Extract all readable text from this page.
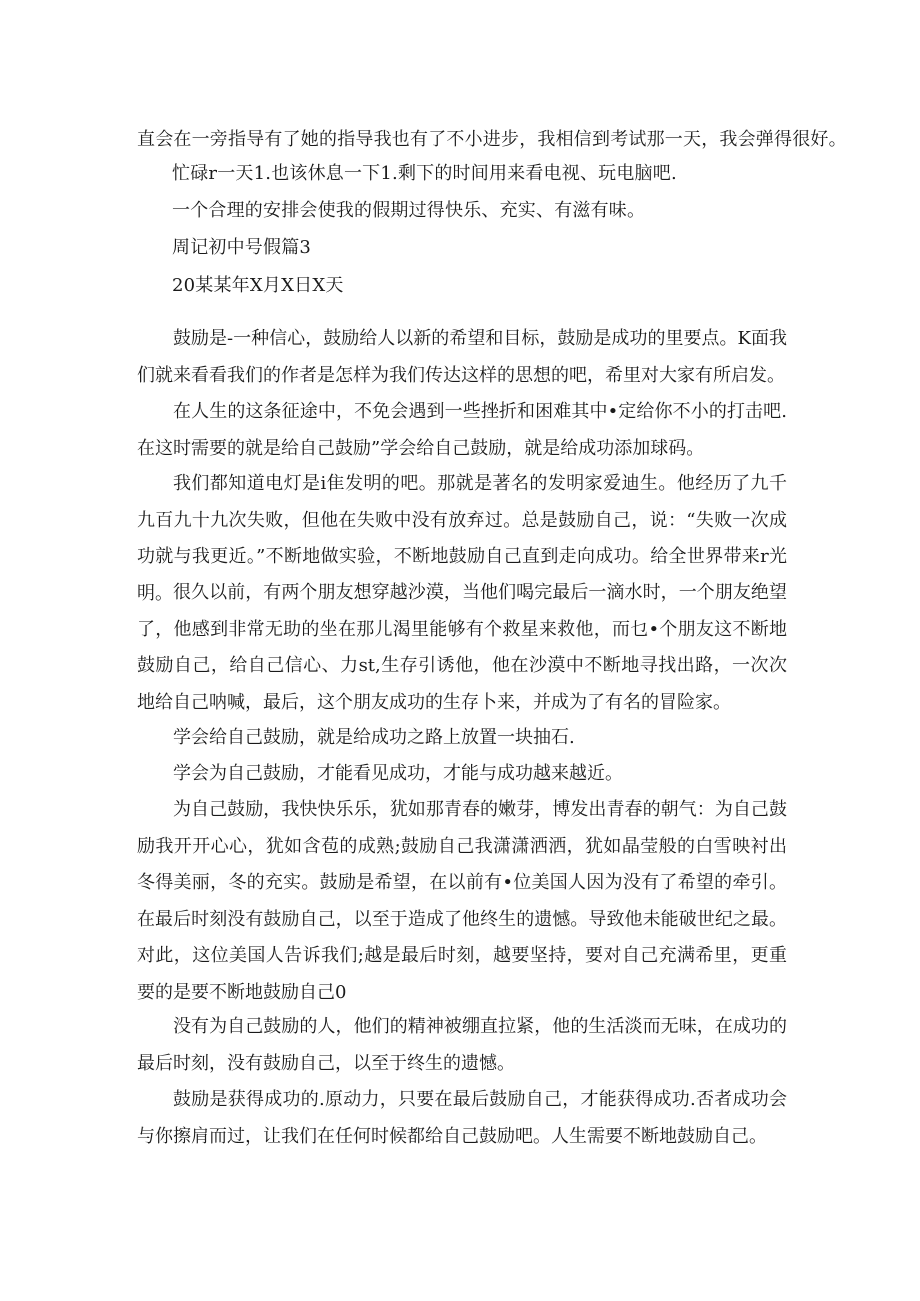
直会在一旁指导有了她的指导我也有了不小进步，我相信到考试那一天，我会弹得很好。
忙碌r一天1.也该休息一下1.剩下的时间用来看电视、玩电脑吧.
一个合理的安排会使我的假期过得快乐、充实、有滋有味。
周记初中号假篇3
20某某年X月X日X天
鼓励是-一种信心，鼓励给人以新的希望和目标，鼓励是成功的里要点。K面我们就来看看我们的作者是怎样为我们传达这样的思想的吧，希里对大家有所启发。
在人生的这条征途中，不免会遇到一些挫折和困难其中•定给你不小的打击吧.在这时需要的就是给自己鼓励”学会给自己鼓励，就是给成功添加球码。
我们都知道电灯是i隹发明的吧。那就是著名的发明家爱迪生。他经历了九千九百九十九次失败，但他在失败中没有放弃过。总是鼓励自己，说：“失败一次成功就与我更近。”不断地做实验，不断地鼓励自己直到走向成功。给全世界带来r光明。 很久以前，有两个朋友想穿越沙漠，当他们喝完最后一滴水时，一个朋友绝望了，他感到非常无助的坐在那儿渴里能够有个救星来救他，而乜•个朋友这不断地鼓励自己，给自己信心、力st,生存引诱他，他在沙漠中不断地寻找出路，一次次地给自己呐喊，最后，这个朋友成功的生存卜来，并成为了有名的冒险家。
学会给自己鼓励，就是给成功之路上放置一块抽石.
学会为自己鼓励，才能看见成功，才能与成功越来越近。
为自己鼓励，我快快乐乐，犹如那青春的嫩芽，博发出青春的朝气：为自己鼓励我开开心心，犹如含苞的成熟;鼓励自己我潇潇洒洒，犹如晶莹般的白雪映衬出冬得美丽，冬的充实。鼓励是希望，在以前有•位美国人因为没有了希望的牵引。在最后时刻没有鼓励自己，以至于造成了他终生的遗憾。导致他未能破世纪之最。对此，这位美国人告诉我们;越是最后时刻，越要坚持，要对自己充满希里，更重要的是要不断地鼓励自己0
没有为自己鼓励的人，他们的精神被绷直拉紧，他的生活淡而无味，在成功的最后时刻，没有鼓励自己，以至于终生的遗憾。
鼓励是获得成功的.原动力，只要在最后鼓励自己，才能获得成功.否者成功会与你擦肩而过，让我们在任何时候都给自己鼓励吧。人生需要不断地鼓励自己。
